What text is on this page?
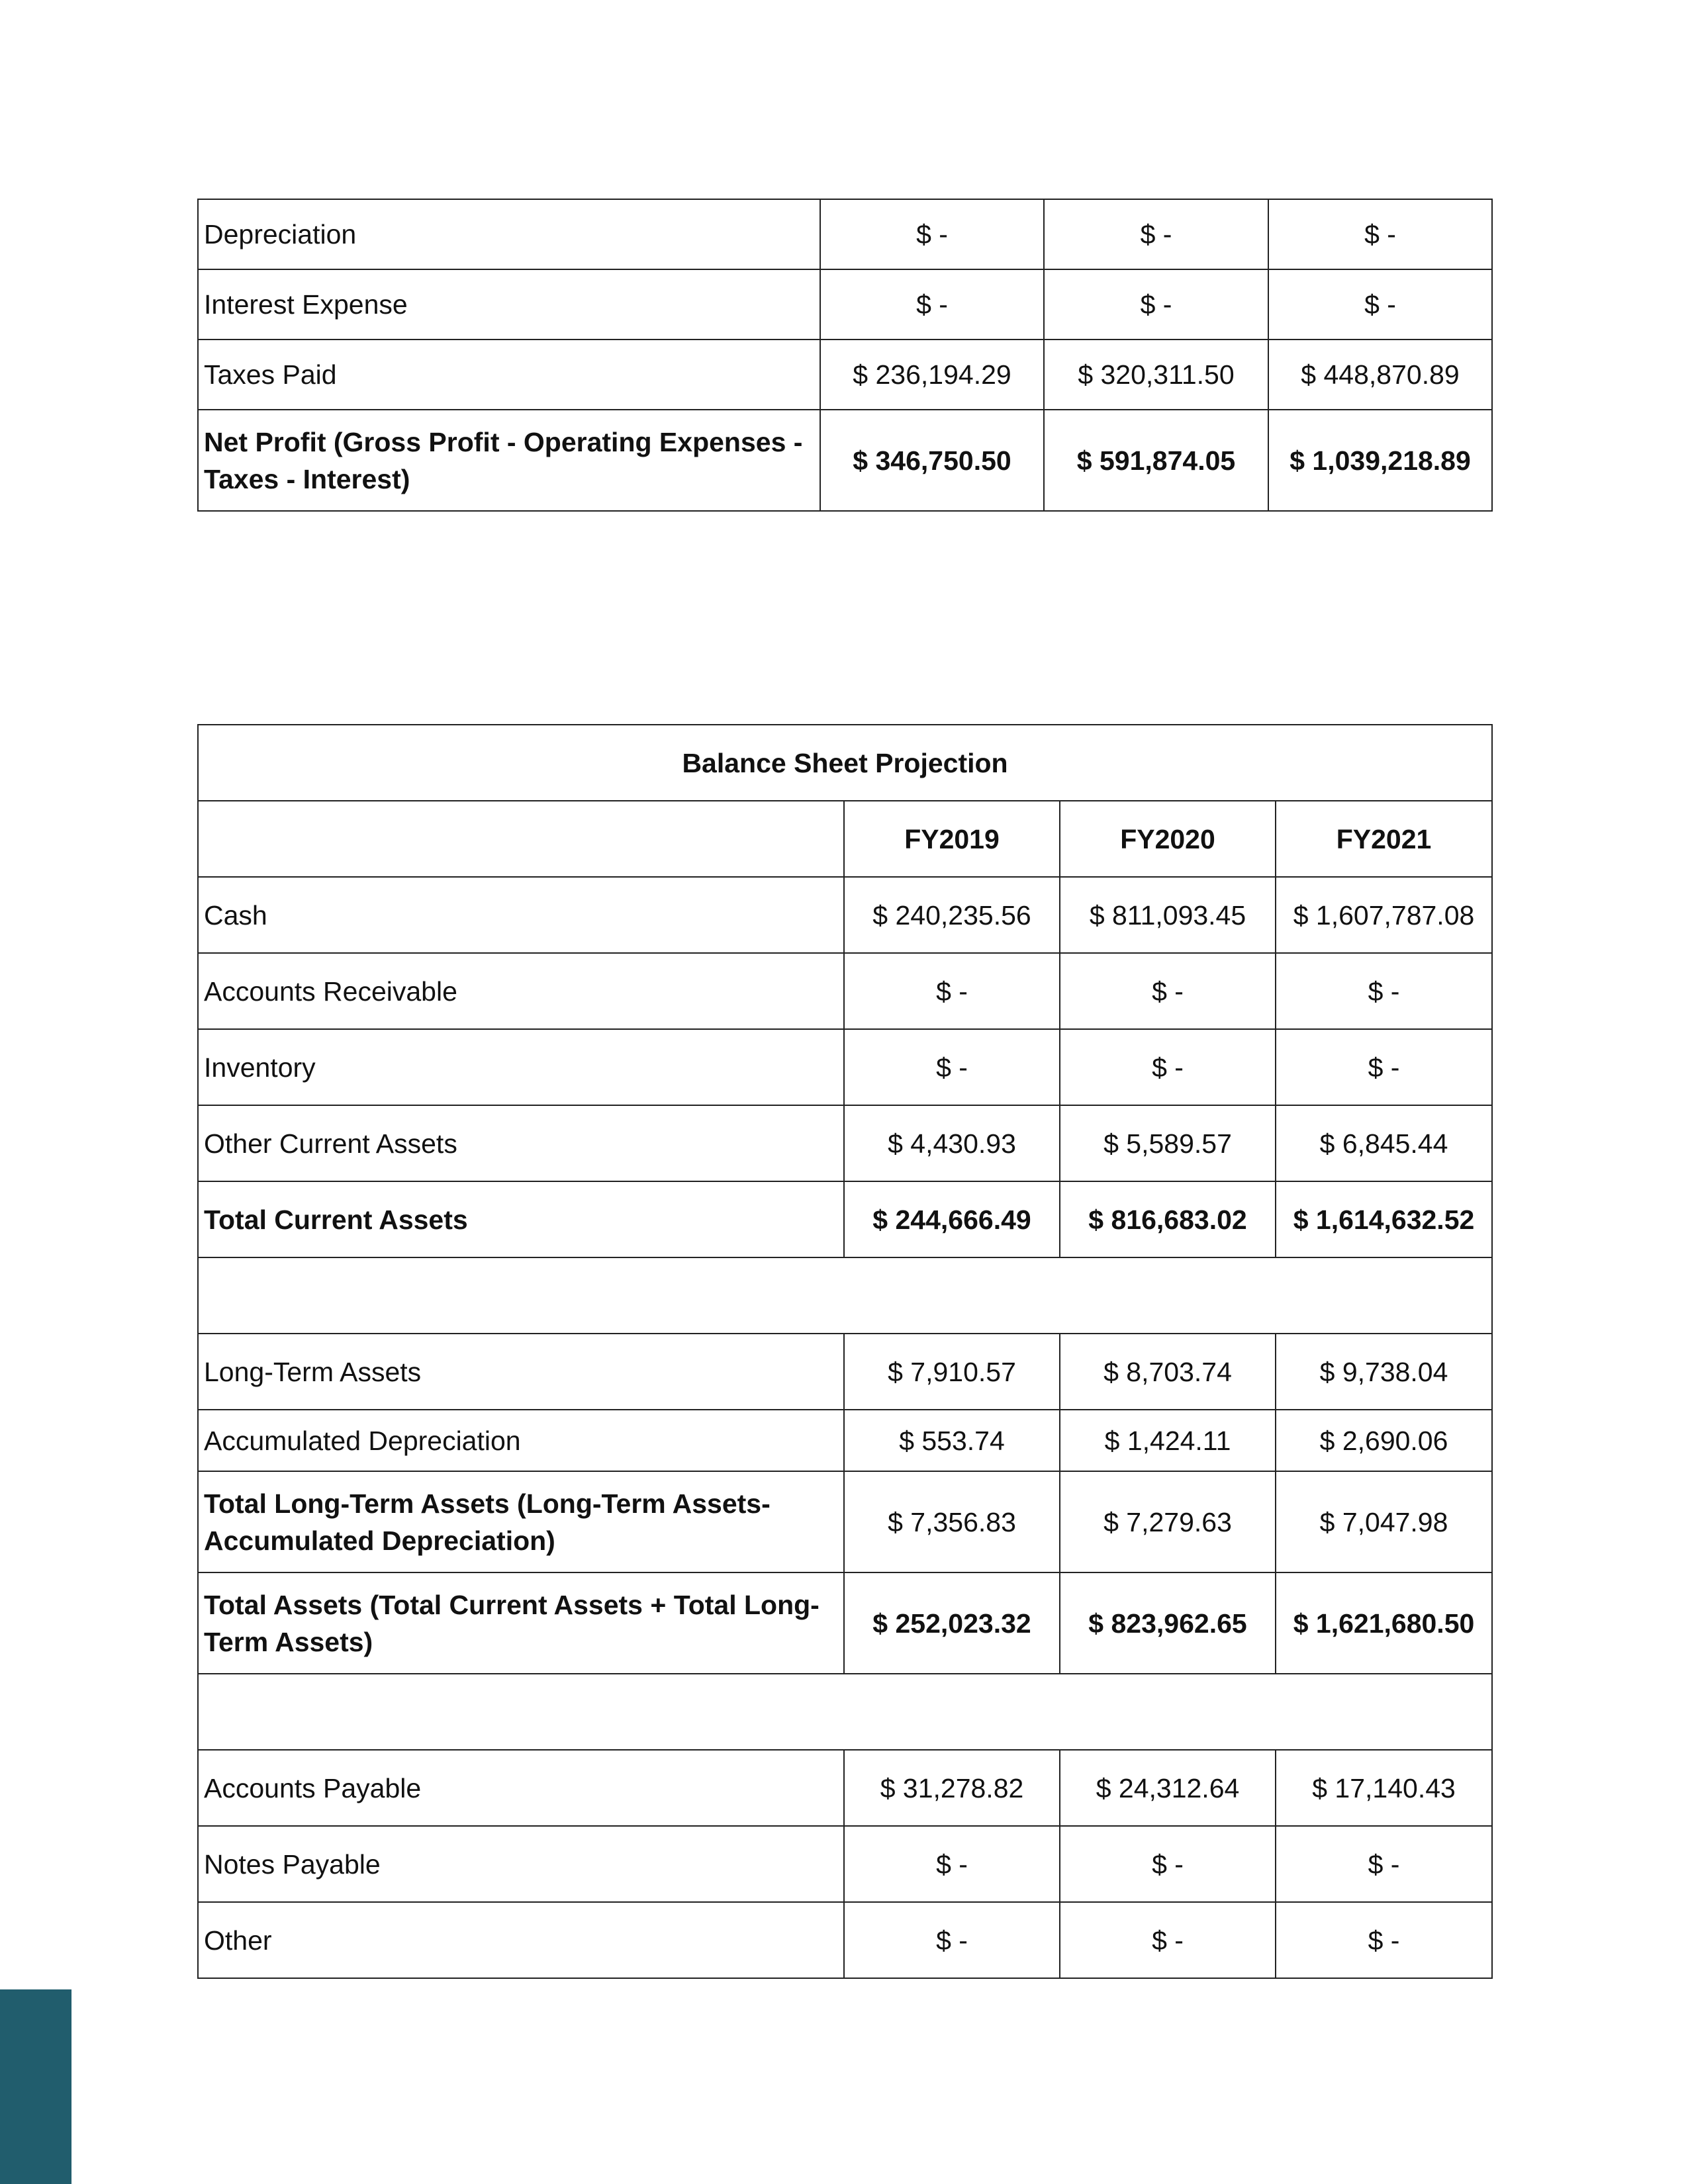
Depreciation	$ -	$ -	$ -
Interest Expense	$ -	$ -	$ -
Taxes Paid	$ 236,194.29	$ 320,311.50	$ 448,870.89
Net Profit (Gross Profit - Operating Expenses - Taxes - Interest)	$ 346,750.50	$ 591,874.05	$ 1,039,218.89
Balance Sheet Projection			
	FY2019	FY2020	FY2021
Cash	$ 240,235.56	$ 811,093.45	$ 1,607,787.08
Accounts Receivable	$ -	$ -	$ -
Inventory	$ -	$ -	$ -
Other Current Assets	$ 4,430.93	$ 5,589.57	$ 6,845.44
Total Current Assets	$ 244,666.49	$ 816,683.02	$ 1,614,632.52

Long-Term Assets	$ 7,910.57	$ 8,703.74	$ 9,738.04
Accumulated Depreciation	$ 553.74	$ 1,424.11	$ 2,690.06
Total Long-Term Assets (Long-Term Assets-Accumulated Depreciation)	$ 7,356.83	$ 7,279.63	$ 7,047.98
Total Assets (Total Current Assets + Total Long-Term Assets)	$ 252,023.32	$ 823,962.65	$ 1,621,680.50

Accounts Payable	$ 31,278.82	$ 24,312.64	$ 17,140.43
Notes Payable	$ -	$ -	$ -
Other	$ -	$ -	$ -
